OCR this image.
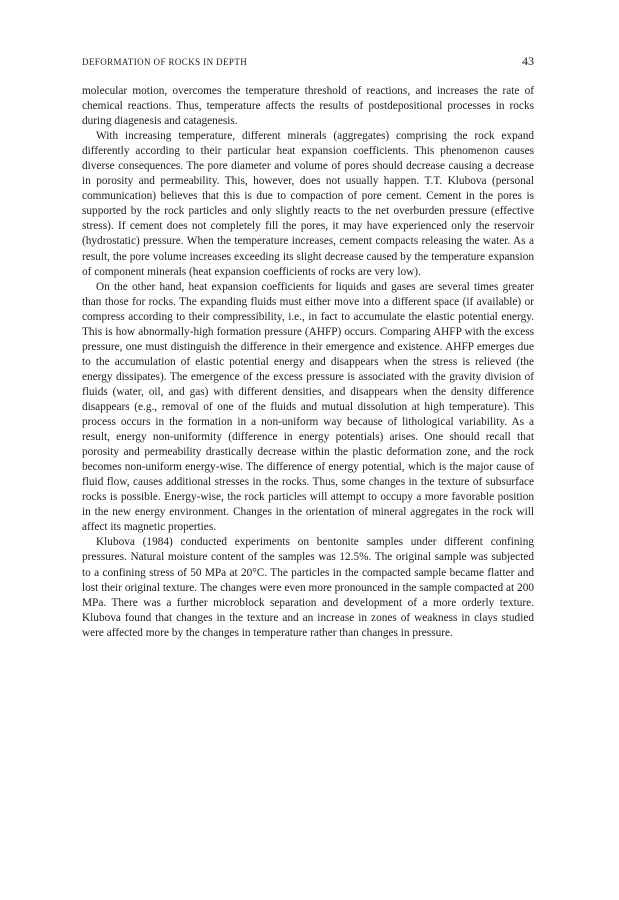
DEFORMATION OF ROCKS IN DEPTH	43

molecular motion, overcomes the temperature threshold of reactions, and increases the rate of chemical reactions. Thus, temperature affects the results of postdepositional processes in rocks during diagenesis and catagenesis.

With increasing temperature, different minerals (aggregates) comprising the rock expand differently according to their particular heat expansion coefficients. This phenomenon causes diverse consequences. The pore diameter and volume of pores should decrease causing a decrease in porosity and permeability. This, however, does not usually happen. T.T. Klubova (personal communication) believes that this is due to compaction of pore cement. Cement in the pores is supported by the rock particles and only slightly reacts to the net overburden pressure (effective stress). If cement does not completely fill the pores, it may have experienced only the reservoir (hydrostatic) pressure. When the temperature increases, cement compacts releasing the water. As a result, the pore volume increases exceeding its slight decrease caused by the temperature expansion of component minerals (heat expansion coefficients of rocks are very low).

On the other hand, heat expansion coefficients for liquids and gases are several times greater than those for rocks. The expanding fluids must either move into a different space (if available) or compress according to their compressibility, i.e., in fact to accumulate the elastic potential energy. This is how abnormally-high formation pressure (AHFP) occurs. Comparing AHFP with the excess pressure, one must distinguish the difference in their emergence and existence. AHFP emerges due to the accumulation of elastic potential energy and disappears when the stress is relieved (the energy dissipates). The emergence of the excess pressure is associated with the gravity division of fluids (water, oil, and gas) with different densities, and disappears when the density difference disappears (e.g., removal of one of the fluids and mutual dissolution at high temperature). This process occurs in the formation in a non-uniform way because of lithological variability. As a result, energy non-uniformity (difference in energy potentials) arises. One should recall that porosity and permeability drastically decrease within the plastic deformation zone, and the rock becomes non-uniform energy-wise. The difference of energy potential, which is the major cause of fluid flow, causes additional stresses in the rocks. Thus, some changes in the texture of subsurface rocks is possible. Energy-wise, the rock particles will attempt to occupy a more favorable position in the new energy environment. Changes in the orientation of mineral aggregates in the rock will affect its magnetic properties.

Klubova (1984) conducted experiments on bentonite samples under different confining pressures. Natural moisture content of the samples was 12.5%. The original sample was subjected to a confining stress of 50 MPa at 20°C. The particles in the compacted sample became flatter and lost their original texture. The changes were even more pronounced in the sample compacted at 200 MPa. There was a further microblock separation and development of a more orderly texture. Klubova found that changes in the texture and an increase in zones of weakness in clays studied were affected more by the changes in temperature rather than changes in pressure.
